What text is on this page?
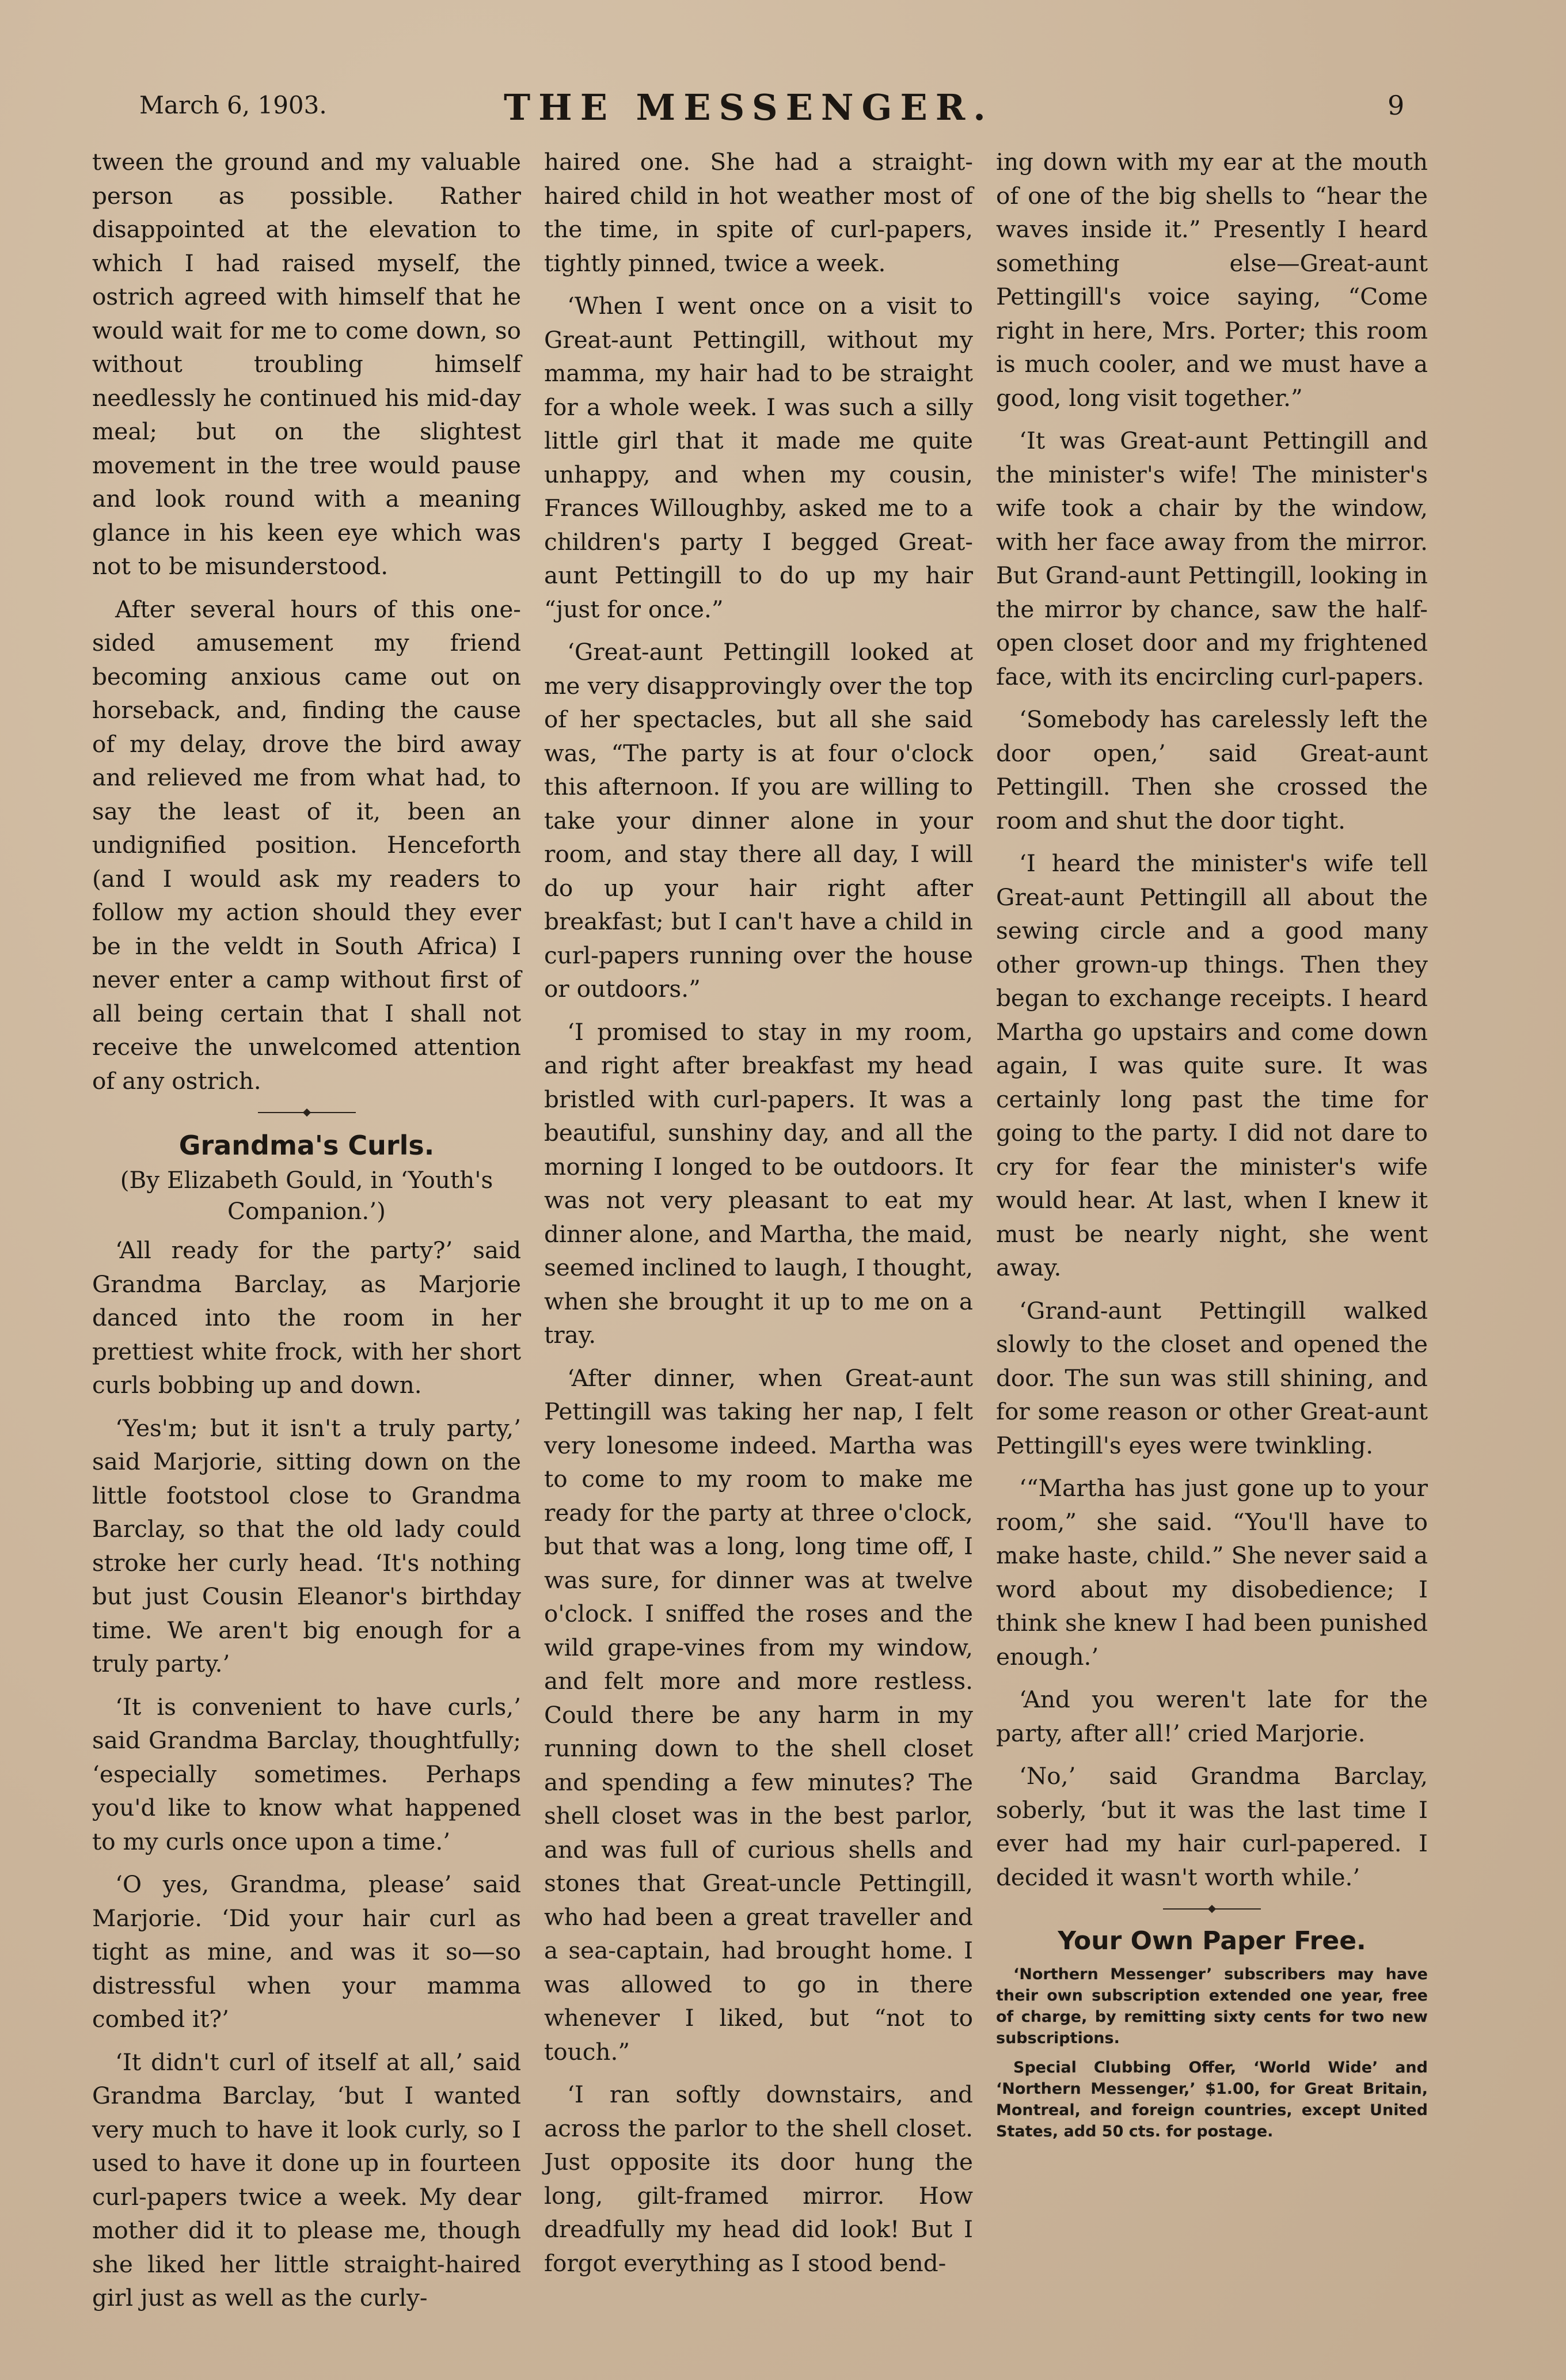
March 6, 1903.	THE MESSENGER.	9

tween the ground and my valuable person as possible. Rather disappointed at the elevation to which I had raised myself, the ostrich agreed with himself that he would wait for me to come down, so without troubling himself needlessly he continued his mid-day meal; but on the slightest movement in the tree would pause and look round with a meaning glance in his keen eye which was not to be misunderstood.

After several hours of this one-sided amusement my friend becoming anxious came out on horseback, and, finding the cause of my delay, drove the bird away and relieved me from what had, to say the least of it, been an undignified position. Henceforth (and I would ask my readers to follow my action should they ever be in the veldt in South Africa) I never enter a camp without first of all being certain that I shall not receive the unwelcomed attention of any ostrich.

Grandma's Curls.
(By Elizabeth Gould, in ‘Youth's Companion.’)

‘All ready for the party?’ said Grandma Barclay, as Marjorie danced into the room in her prettiest white frock, with her short curls bobbing up and down.

‘Yes'm; but it isn't a truly party,’ said Marjorie, sitting down on the little footstool close to Grandma Barclay, so that the old lady could stroke her curly head. ‘It's nothing but just Cousin Eleanor's birthday time. We aren't big enough for a truly party.’

‘It is convenient to have curls,’ said Grandma Barclay, thoughtfully; ‘especially sometimes. Perhaps you'd like to know what happened to my curls once upon a time.’

‘O yes, Grandma, please’ said Marjorie. ‘Did your hair curl as tight as mine, and was it so—so distressful when your mamma combed it?’

‘It didn't curl of itself at all,’ said Grandma Barclay, ‘but I wanted very much to have it look curly, so I used to have it done up in fourteen curl-papers twice a week. My dear mother did it to please me, though she liked her little straight-haired girl just as well as the curly-

haired one. She had a straight-haired child in hot weather most of the time, in spite of curl-papers, tightly pinned, twice a week.

‘When I went once on a visit to Great-aunt Pettingill, without my mamma, my hair had to be straight for a whole week. I was such a silly little girl that it made me quite unhappy, and when my cousin, Frances Willoughby, asked me to a children's party I begged Great-aunt Pettingill to do up my hair “just for once.”

‘Great-aunt Pettingill looked at me very disapprovingly over the top of her spectacles, but all she said was, “The party is at four o'clock this afternoon. If you are willing to take your dinner alone in your room, and stay there all day, I will do up your hair right after breakfast; but I can't have a child in curl-papers running over the house or outdoors.”

‘I promised to stay in my room, and right after breakfast my head bristled with curl-papers. It was a beautiful, sunshiny day, and all the morning I longed to be outdoors. It was not very pleasant to eat my dinner alone, and Martha, the maid, seemed inclined to laugh, I thought, when she brought it up to me on a tray.

‘After dinner, when Great-aunt Pettingill was taking her nap, I felt very lonesome indeed. Martha was to come to my room to make me ready for the party at three o'clock, but that was a long, long time off, I was sure, for dinner was at twelve o'clock. I sniffed the roses and the wild grape-vines from my window, and felt more and more restless. Could there be any harm in my running down to the shell closet and spending a few minutes? The shell closet was in the best parlor, and was full of curious shells and stones that Great-uncle Pettingill, who had been a great traveller and a sea-captain, had brought home. I was allowed to go in there whenever I liked, but “not to touch.”

‘I ran softly downstairs, and across the parlor to the shell closet. Just opposite its door hung the long, gilt-framed mirror. How dreadfully my head did look! But I forgot everything as I stood bend-

ing down with my ear at the mouth of one of the big shells to “hear the waves inside it.” Presently I heard something else—Great-aunt Pettingill's voice saying, “Come right in here, Mrs. Porter; this room is much cooler, and we must have a good, long visit together.”

‘It was Great-aunt Pettingill and the minister's wife! The minister's wife took a chair by the window, with her face away from the mirror. But Grand-aunt Pettingill, looking in the mirror by chance, saw the half-open closet door and my frightened face, with its encircling curl-papers.

‘Somebody has carelessly left the door open,’ said Great-aunt Pettingill. Then she crossed the room and shut the door tight.

‘I heard the minister's wife tell Great-aunt Pettingill all about the sewing circle and a good many other grown-up things. Then they began to exchange receipts. I heard Martha go upstairs and come down again, I was quite sure. It was certainly long past the time for going to the party. I did not dare to cry for fear the minister's wife would hear. At last, when I knew it must be nearly night, she went away.

‘Grand-aunt Pettingill walked slowly to the closet and opened the door. The sun was still shining, and for some reason or other Great-aunt Pettingill's eyes were twinkling.

‘“Martha has just gone up to your room,” she said. “You'll have to make haste, child.” She never said a word about my disobedience; I think she knew I had been punished enough.’

‘And you weren't late for the party, after all!’ cried Marjorie.

‘No,’ said Grandma Barclay, soberly, ‘but it was the last time I ever had my hair curl-papered. I decided it wasn't worth while.’

Your Own Paper Free.

‘Northern Messenger’ subscribers may have their own subscription extended one year, free of charge, by remitting sixty cents for two new subscriptions.

Special Clubbing Offer, ‘World Wide’ and ‘Northern Messenger,’ $1.00, for Great Britain, Montreal, and foreign countries, except United States, add 50 cts. for postage.
